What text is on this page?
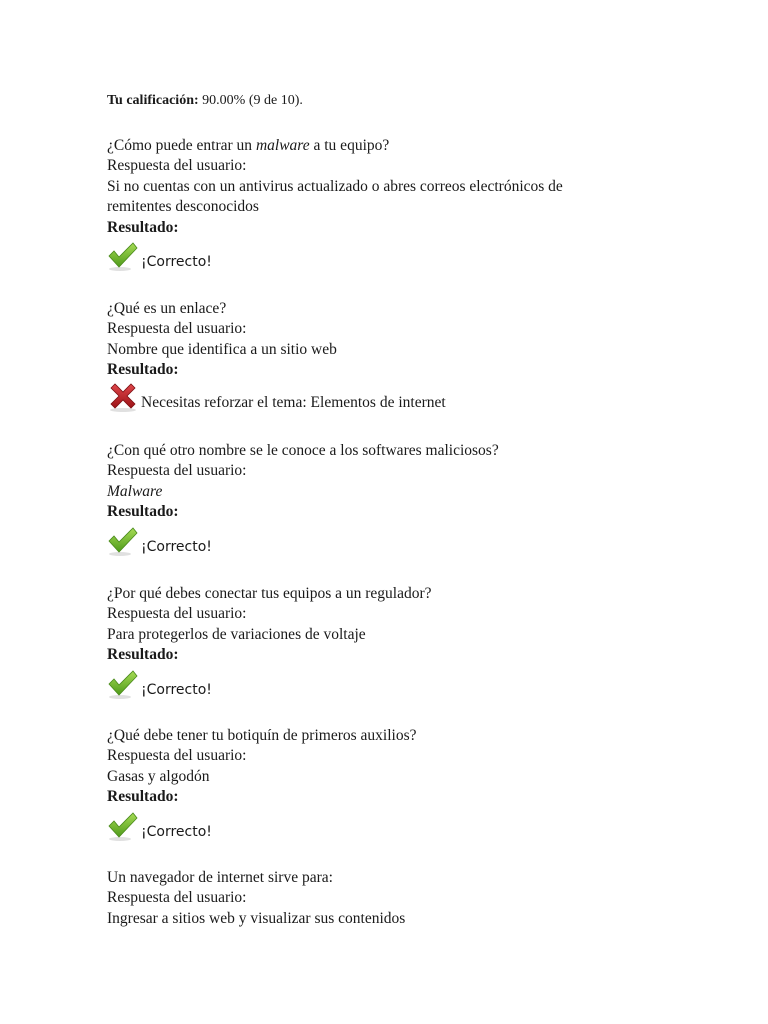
Tu calificación: 90.00% (9 de 10).
¿Cómo puede entrar un malware a tu equipo?
Respuesta del usuario:
Si no cuentas con un antivirus actualizado o abres correos electrónicos de remitentes desconocidos
Resultado:
¡Correcto!
¿Qué es un enlace?
Respuesta del usuario:
Nombre que identifica a un sitio web
Resultado:
Necesitas reforzar el tema: Elementos de internet
¿Con qué otro nombre se le conoce a los softwares maliciosos?
Respuesta del usuario:
Malware
Resultado:
¡Correcto!
¿Por qué debes conectar tus equipos a un regulador?
Respuesta del usuario:
Para protegerlos de variaciones de voltaje
Resultado:
¡Correcto!
¿Qué debe tener tu botiquín de primeros auxilios?
Respuesta del usuario:
Gasas y algodón
Resultado:
¡Correcto!
Un navegador de internet sirve para:
Respuesta del usuario:
Ingresar a sitios web y visualizar sus contenidos
